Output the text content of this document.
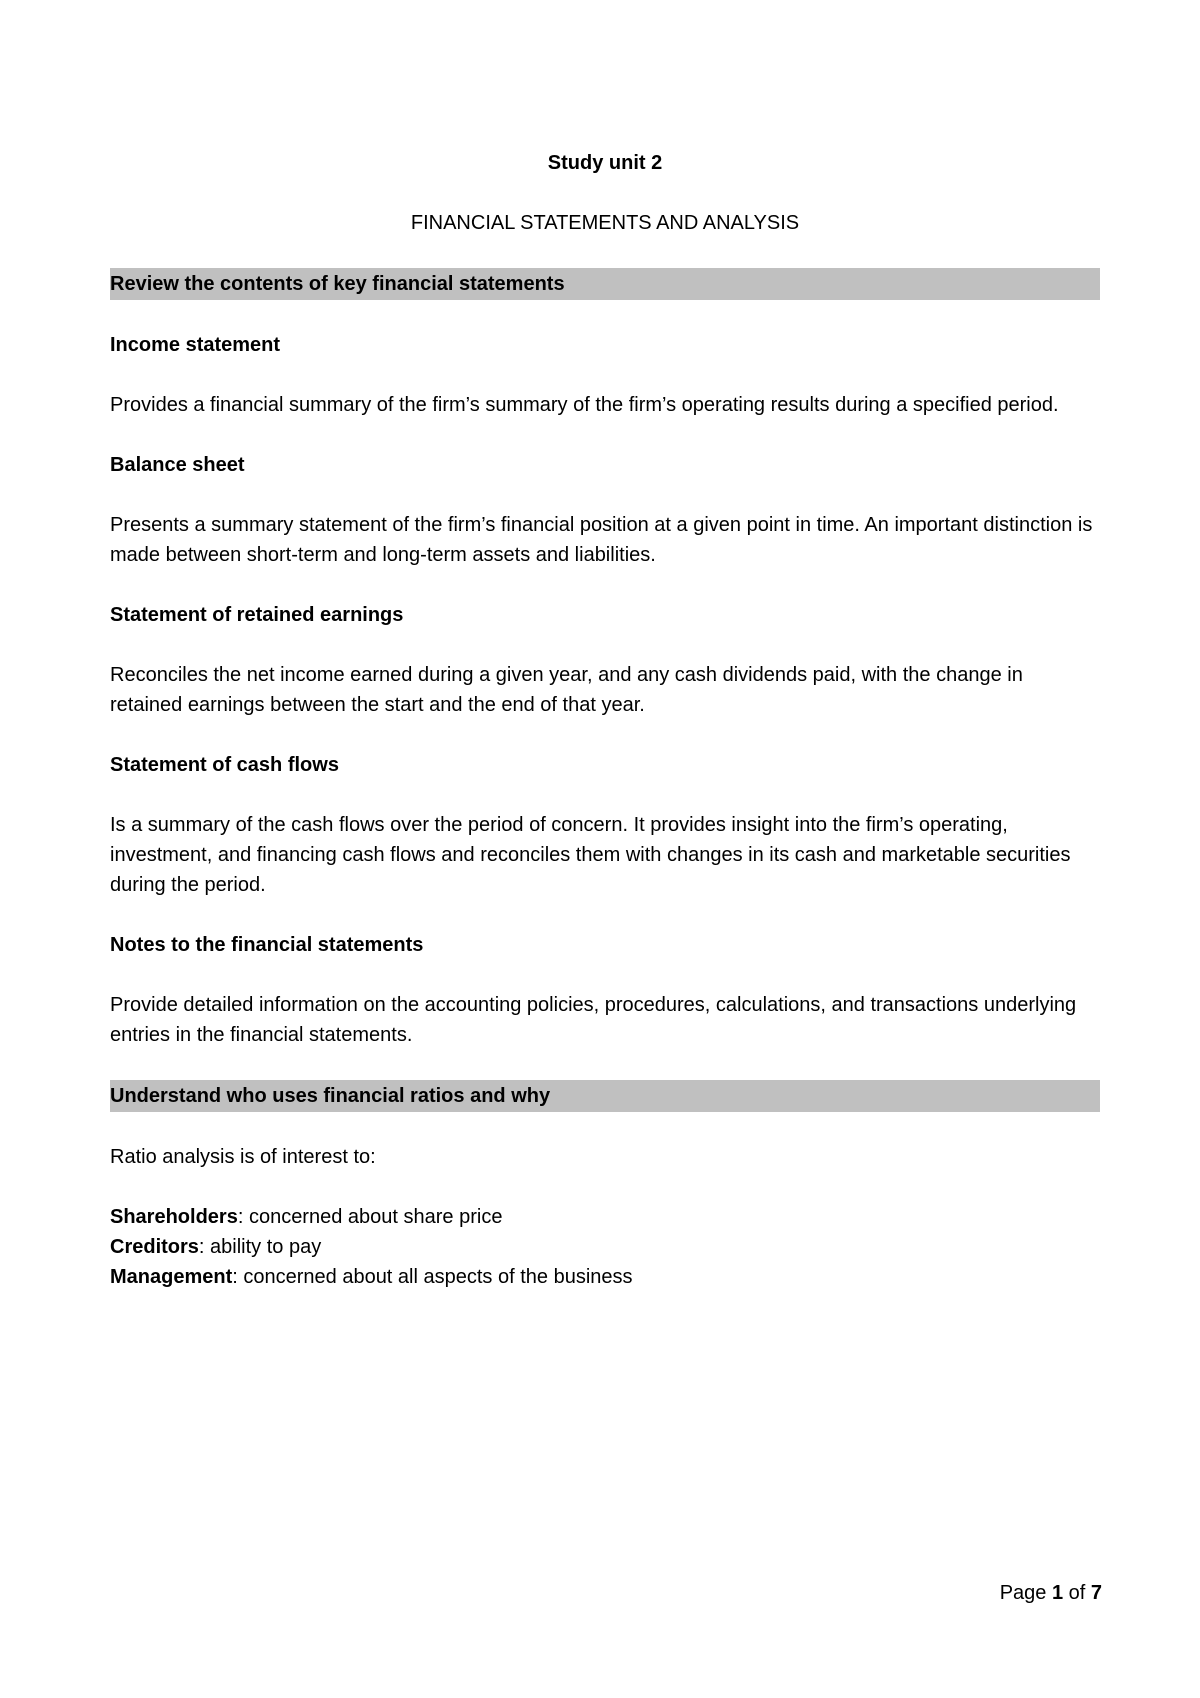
Study unit 2

FINANCIAL STATEMENTS AND ANALYSIS

Review the contents of key financial statements

Income statement

Provides a financial summary of the firm’s summary of the firm’s operating results during a specified period.

Balance sheet

Presents a summary statement of the firm’s financial position at a given point in time. An important distinction is made between short-term and long-term assets and liabilities.

Statement of retained earnings

Reconciles the net income earned during a given year, and any cash dividends paid, with the change in retained earnings between the start and the end of that year.

Statement of cash flows

Is a summary of the cash flows over the period of concern. It provides insight into the firm’s operating, investment, and financing cash flows and reconciles them with changes in its cash and marketable securities during the period.

Notes to the financial statements

Provide detailed information on the accounting policies, procedures, calculations, and transactions underlying entries in the financial statements.

Understand who uses financial ratios and why

Ratio analysis is of interest to:

Shareholders: concerned about share price

Creditors: ability to pay

Management: concerned about all aspects of the business

Page 1 of 7
